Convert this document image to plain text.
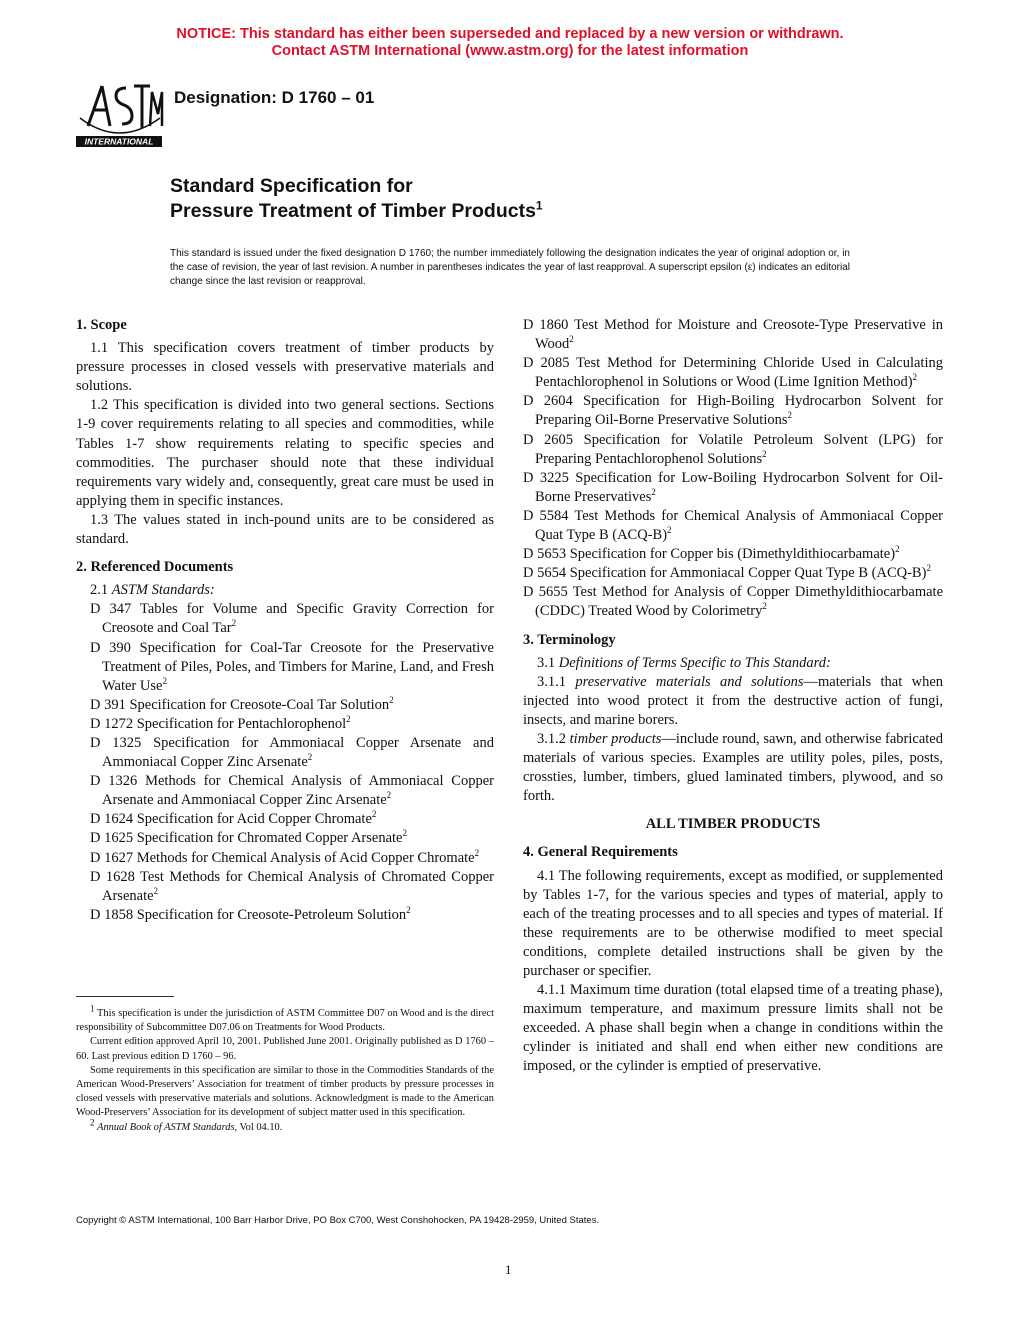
NOTICE: This standard has either been superseded and replaced by a new version or withdrawn.
Contact ASTM International (www.astm.org) for the latest information
INTERNATIONAL
Designation: D 1760 – 01
Standard Specification for
Pressure Treatment of Timber Products$^1$
This standard is issued under the fixed designation D 1760; the number immediately following the designation indicates the year of original adoption or, in the case of revision, the year of last revision. A number in parentheses indicates the year of last reapproval. A superscript epsilon (ε) indicates an editorial change since the last revision or reapproval.

1. Scope

1.1 This specification covers treatment of timber products by pressure processes in closed vessels with preservative materials and solutions.

1.2 This specification is divided into two general sections. Sections 1-9 cover requirements relating to all species and commodities, while Tables 1-7 show requirements relating to specific species and commodities. The purchaser should note that these individual requirements vary widely and, consequently, great care must be used in applying them in specific instances.

1.3 The values stated in inch-pound units are to be considered as standard.

2. Referenced Documents

2.1 ASTM Standards:

D 347 Tables for Volume and Specific Gravity Correction for Creosote and Coal Tar$^2$

D 390 Specification for Coal-Tar Creosote for the Preservative Treatment of Piles, Poles, and Timbers for Marine, Land, and Fresh Water Use$^2$

D 391 Specification for Creosote-Coal Tar Solution$^2$

D 1272 Specification for Pentachlorophenol$^2$

D 1325 Specification for Ammoniacal Copper Arsenate and Ammoniacal Copper Zinc Arsenate$^2$

D 1326 Methods for Chemical Analysis of Ammoniacal Copper Arsenate and Ammoniacal Copper Zinc Arsenate$^2$

D 1624 Specification for Acid Copper Chromate$^2$

D 1625 Specification for Chromated Copper Arsenate$^2$

D 1627 Methods for Chemical Analysis of Acid Copper Chromate$^2$

D 1628 Test Methods for Chemical Analysis of Chromated Copper Arsenate$^2$

D 1858 Specification for Creosote-Petroleum Solution$^2$

D 1860 Test Method for Moisture and Creosote-Type Preservative in Wood$^2$

D 2085 Test Method for Determining Chloride Used in Calculating Pentachlorophenol in Solutions or Wood (Lime Ignition Method)$^2$

D 2604 Specification for High-Boiling Hydrocarbon Solvent for Preparing Oil-Borne Preservative Solutions$^2$

D 2605 Specification for Volatile Petroleum Solvent (LPG) for Preparing Pentachlorophenol Solutions$^2$

D 3225 Specification for Low-Boiling Hydrocarbon Solvent for Oil-Borne Preservatives$^2$

D 5584 Test Methods for Chemical Analysis of Ammoniacal Copper Quat Type B $(ACQ-B)^2$

D 5653 Specification for Copper bis (Dimethyldithiocarbamate)$^2$

D 5654 Specification for Ammoniacal Copper Quat Type B $(ACQ-B)^2$

D 5655 Test Method for Analysis of Copper Dimethyldithiocarbamate (CDDC) Treated Wood by Colorimetry$^2$

3. Terminology

3.1 Definitions of Terms Specific to This Standard:

3.1.1 preservative materials and solutions—materials that when injected into wood protect it from the destructive action of fungi, insects, and marine borers.

3.1.2 timber products—include round, sawn, and otherwise fabricated materials of various species. Examples are utility poles, piles, posts, crossties, lumber, timbers, glued laminated timbers, plywood, and so forth.

ALL TIMBER PRODUCTS

4. General Requirements

4.1 The following requirements, except as modified, or supplemented by Tables 1-7, for the various species and types of material, apply to each of the treating processes and to all species and types of material. If these requirements are to be otherwise modified to meet special conditions, complete detailed instructions shall be given by the purchaser or specifier.

4.1.1 Maximum time duration (total elapsed time of a treating phase), maximum temperature, and maximum pressure limits shall not be exceeded. A phase shall begin when a change in conditions within the cylinder is initiated and shall end when either new conditions are imposed, or the cylinder is emptied of preservative.

$^1$ This specification is under the jurisdiction of ASTM Committee D07 on Wood and is the direct responsibility of Subcommittee D07.06 on Treatments for Wood Products.

Current edition approved April 10, 2001. Published June 2001. Originally published as D 1760 – 60. Last previous edition D 1760 – 96.

Some requirements in this specification are similar to those in the Commodities Standards of the American Wood-Preservers’ Association for treatment of timber products by pressure processes in closed vessels with preservative materials and solutions. Acknowledgment is made to the American Wood-Preservers’ Association for its development of subject matter used in this specification.

$^2$ Annual Book of ASTM Standards, Vol 04.10.

Copyright © ASTM International, 100 Barr Harbor Drive, PO Box C700, West Conshohocken, PA 19428-2959, United States.
1
